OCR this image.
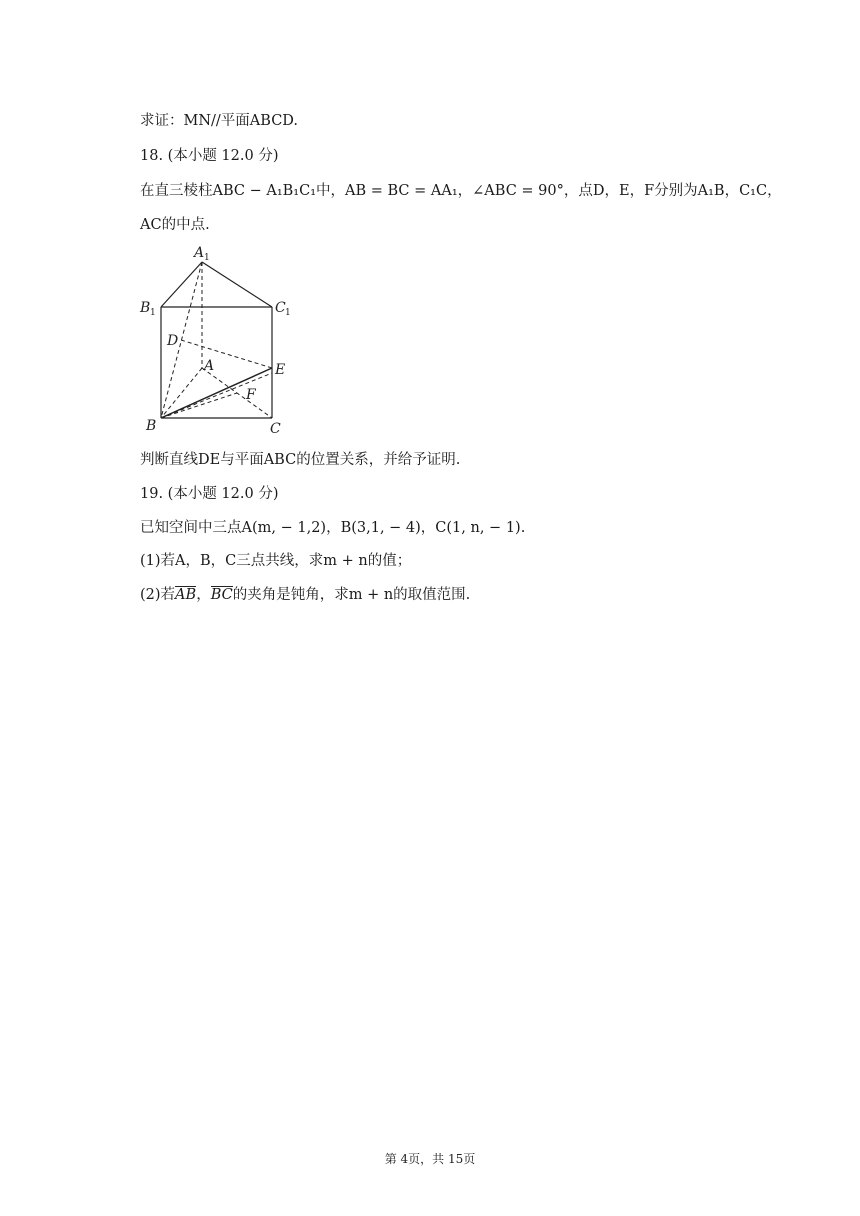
求证：MN//平面ABCD.
18. (本小题 12.0 分)
在直三棱柱ABC − A₁B₁C₁中，AB = BC = AA₁，∠ABC = 90°，点D，E，F分别为A₁B，C₁C，
AC的中点.
A 1
B 1	C 1
D
A	E
F
B	C
判断直线DE与平面ABC的位置关系，并给予证明.
19. (本小题 12.0 分)
已知空间中三点A(m, − 1,2)，B(3,1, − 4)，C(1, n, − 1).
(1)若A，B，C三点共线，求m + n的值；
(2)若AB，BC的夹角是钝角，求m + n的取值范围.
第 4页，共 15页
